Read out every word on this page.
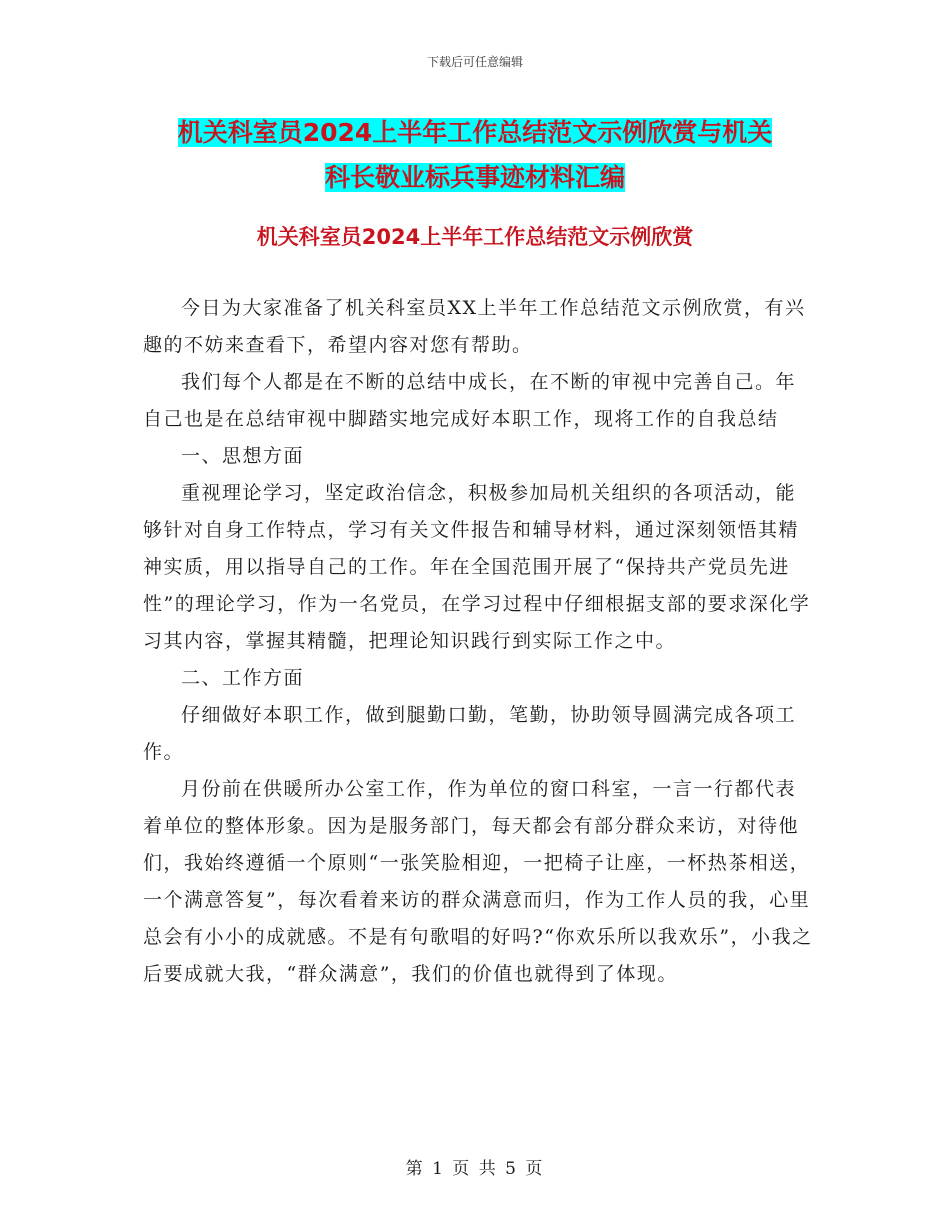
下载后可任意编辑
机关科室员2024上半年工作总结范文示例欣赏与机关
科长敬业标兵事迹材料汇编
机关科室员2024上半年工作总结范文示例欣赏

今日为大家准备了机关科室员XX上半年工作总结范文示例欣赏，有兴趣的不妨来查看下，希望内容对您有帮助。

我们每个人都是在不断的总结中成长，在不断的审视中完善自己。年自己也是在总结审视中脚踏实地完成好本职工作，现将工作的自我总结

一、思想方面

重视理论学习，坚定政治信念，积极参加局机关组织的各项活动，能够针对自身工作特点，学习有关文件报告和辅导材料，通过深刻领悟其精神实质，用以指导自己的工作。年在全国范围开展了“保持共产党员先进性”的理论学习，作为一名党员，在学习过程中仔细根据支部的要求深化学习其内容，掌握其精髓，把理论知识践行到实际工作之中。

二、工作方面

仔细做好本职工作，做到腿勤口勤，笔勤，协助领导圆满完成各项工作。

月份前在供暖所办公室工作，作为单位的窗口科室，一言一行都代表着单位的整体形象。因为是服务部门，每天都会有部分群众来访，对待他们，我始终遵循一个原则“一张笑脸相迎，一把椅子让座，一杯热茶相送，一个满意答复”，每次看着来访的群众满意而归，作为工作人员的我，心里总会有小小的成就感。不是有句歌唱的好吗?“你欢乐所以我欢乐”，小我之后要成就大我，“群众满意”，我们的价值也就得到了体现。

第 1 页 共 5 页
